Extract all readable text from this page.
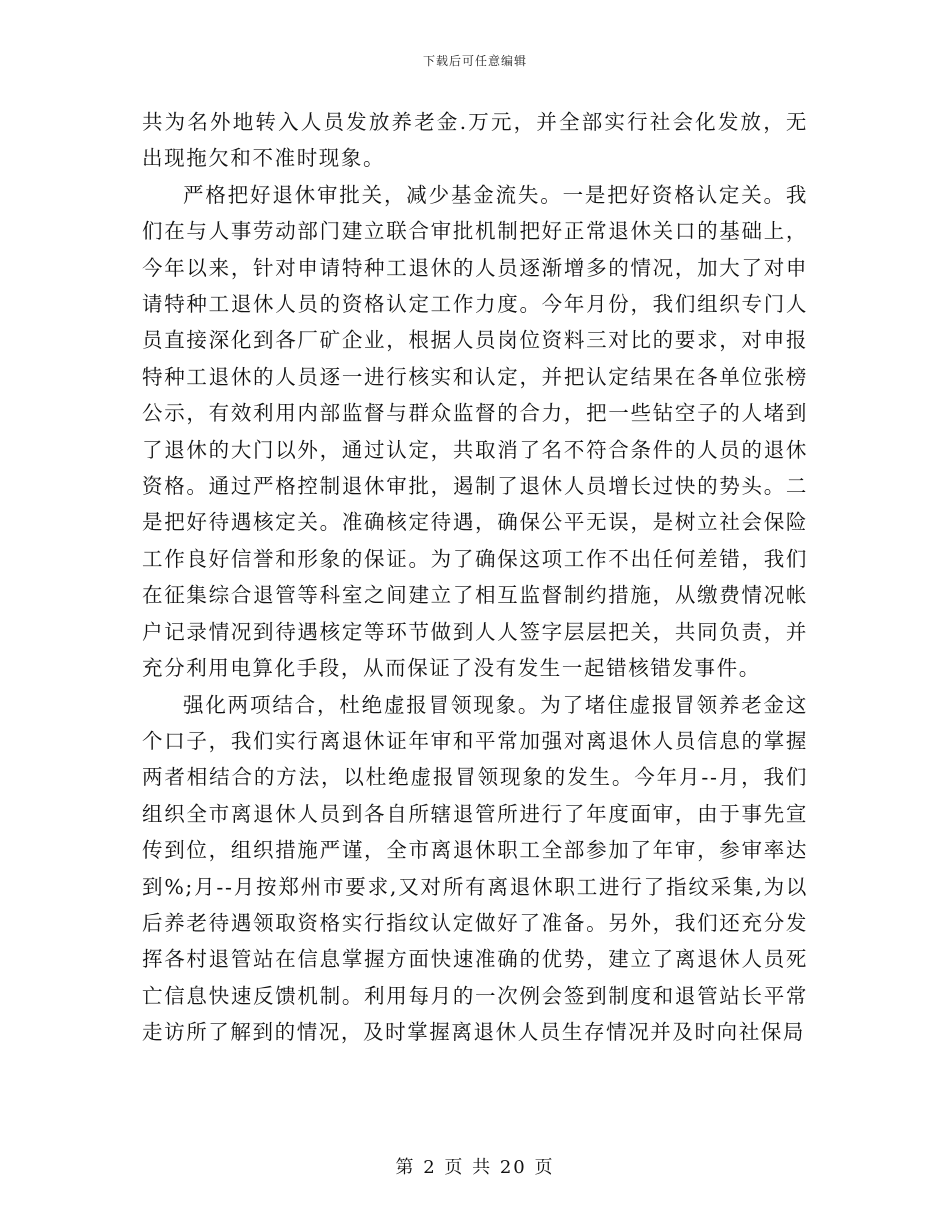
下载后可任意编辑

共为名外地转入人员发放养老金.万元，并全部实行社会化发放，无出现拖欠和不准时现象。

严格把好退休审批关，减少基金流失。一是把好资格认定关。我们在与人事劳动部门建立联合审批机制把好正常退休关口的基础上，今年以来，针对申请特种工退休的人员逐渐增多的情况，加大了对申请特种工退休人员的资格认定工作力度。今年月份，我们组织专门人员直接深化到各厂矿企业，根据人员岗位资料三对比的要求，对申报特种工退休的人员逐一进行核实和认定，并把认定结果在各单位张榜公示，有效利用内部监督与群众监督的合力，把一些钻空子的人堵到了退休的大门以外，通过认定，共取消了名不符合条件的人员的退休资格。通过严格控制退休审批，遏制了退休人员增长过快的势头。二是把好待遇核定关。准确核定待遇，确保公平无误，是树立社会保险工作良好信誉和形象的保证。为了确保这项工作不出任何差错，我们在征集综合退管等科室之间建立了相互监督制约措施，从缴费情况帐户记录情况到待遇核定等环节做到人人签字层层把关，共同负责，并充分利用电算化手段，从而保证了没有发生一起错核错发事件。

强化两项结合，杜绝虚报冒领现象。为了堵住虚报冒领养老金这个口子，我们实行离退休证年审和平常加强对离退休人员信息的掌握两者相结合的方法，以杜绝虚报冒领现象的发生。今年月--月，我们组织全市离退休人员到各自所辖退管所进行了年度面审，由于事先宣传到位，组织措施严谨，全市离退休职工全部参加了年审，参审率达到%;月--月按郑州市要求,又对所有离退休职工进行了指纹采集,为以后养老待遇领取资格实行指纹认定做好了准备。另外，我们还充分发挥各村退管站在信息掌握方面快速准确的优势，建立了离退休人员死亡信息快速反馈机制。利用每月的一次例会签到制度和退管站长平常走访所了解到的情况，及时掌握离退休人员生存情况并及时向社保局

第 2 页 共 20 页
